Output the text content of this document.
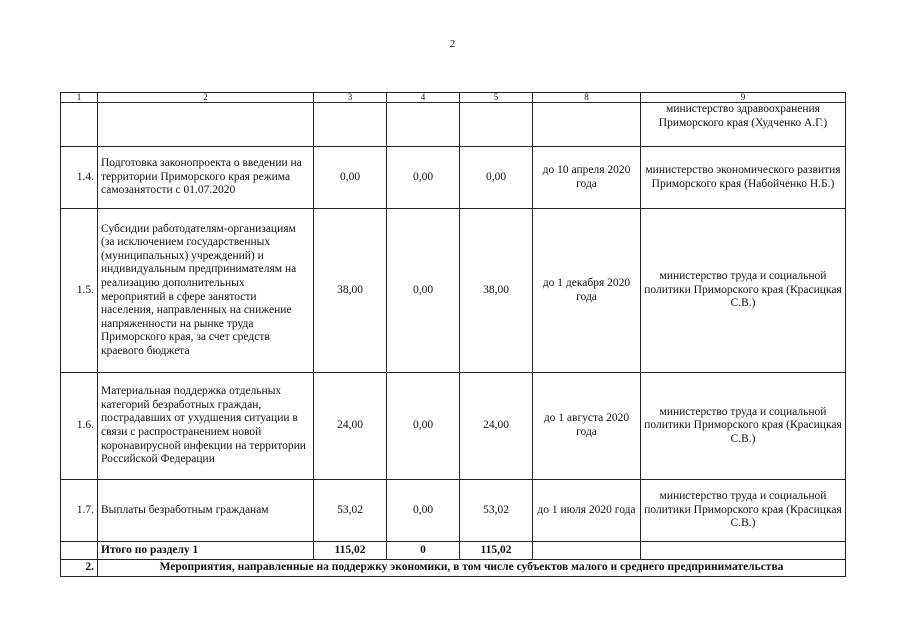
2
1	2	3	4	5	8	9
						министерство здравоохранения Приморского края (Худченко А.Г.)
1.4.	Подготовка законопроекта о введении на территории Приморского края режима самозанятости с 01.07.2020	0,00	0,00	0,00	до 10 апреля 2020 года	министерство экономического развития Приморского края (Набойченко Н.Б.)
1.5.	Субсидии работодателям-организациям (за исключением государственных (муниципальных) учреждений) и индивидуальным предпринимателям на реализацию дополнительных мероприятий в сфере занятости населения, направленных на снижение напряженности на рынке труда Приморского края, за счет средств краевого бюджета	38,00	0,00	38,00	до 1 декабря 2020 года	министерство труда и социальной политики Приморского края (Красицкая С.В.)
1.6.	Материальная поддержка отдельных категорий безработных граждан, пострадавших от ухудшения ситуации в связи с распространением новой коронавирусной инфекции на территории Российской Федерации	24,00	0,00	24,00	до 1 августа 2020 года	министерство труда и социальной политики Приморского края (Красицкая С.В.)
1.7.	Выплаты безработным гражданам	53,02	0,00	53,02	до 1 июля 2020 года	министерство труда и социальной политики Приморского края (Красицкая С.В.)
	Итого по разделу 1	115,02	0	115,02		
2.	Мероприятия, направленные на поддержку экономики, в том числе субъектов малого и среднего предпринимательства					
